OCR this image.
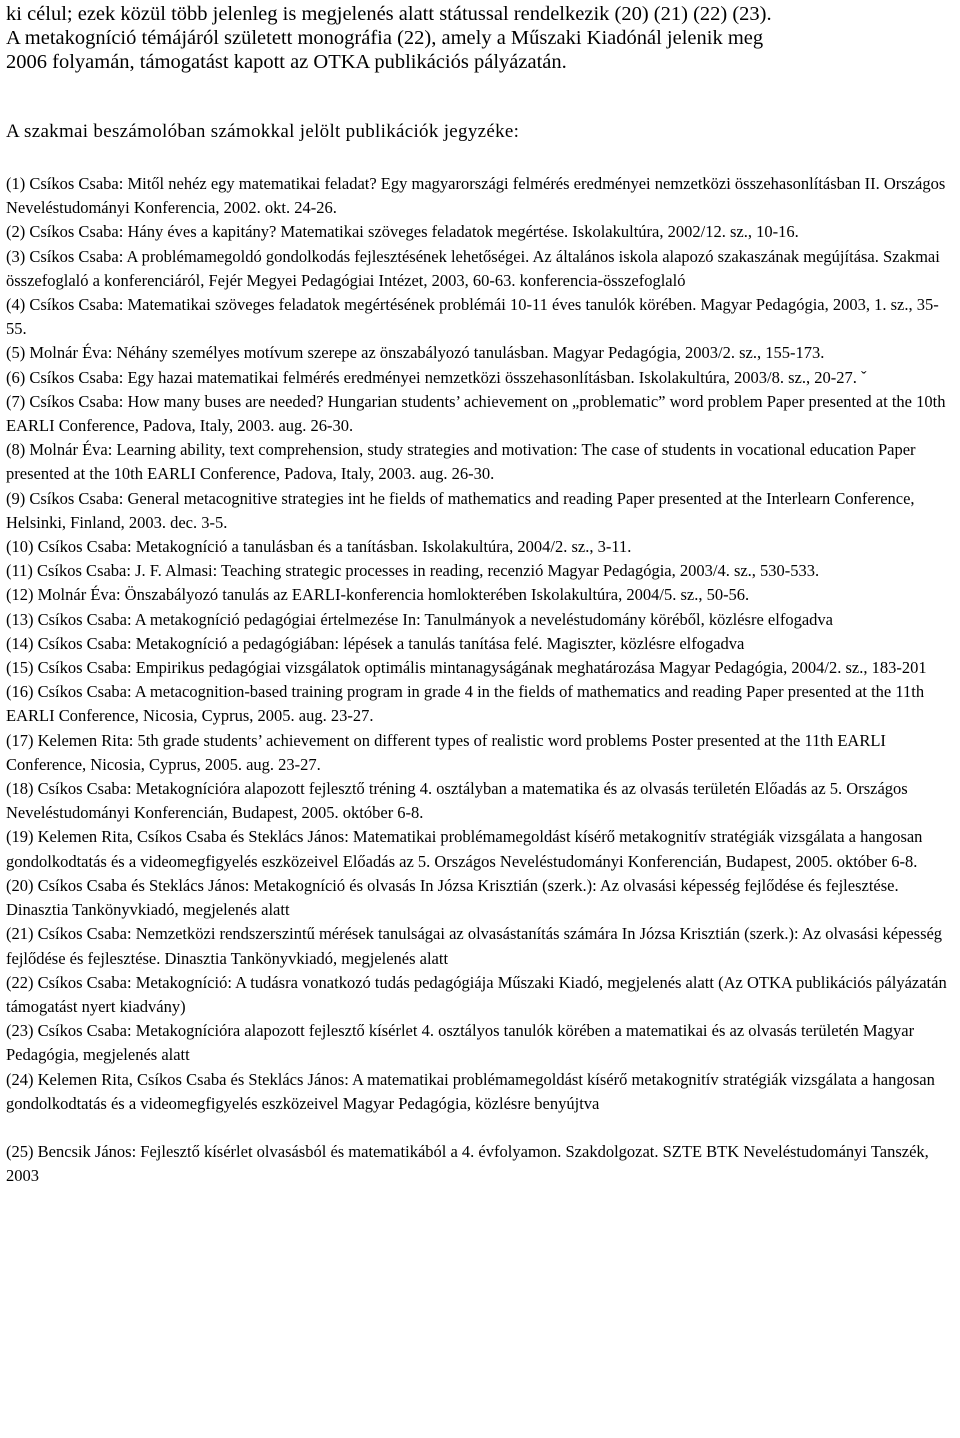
ki célul; ezek közül több jelenleg is megjelenés alatt státussal rendelkezik (20) (21) (22) (23).
A metakogníció témájáról született monográfia (22), amely a Műszaki Kiadónál jelenik meg
2006 folyamán, támogatást kapott az OTKA publikációs pályázatán.

A szakmai beszámolóban számokkal jelölt publikációk jegyzéke:
(1) Csíkos Csaba: Mitől nehéz egy matematikai feladat? Egy magyarországi felmérés eredményei nemzetközi összehasonlításban II. Országos Neveléstudományi Konferencia, 2002. okt. 24-26.
(2) Csíkos Csaba: Hány éves a kapitány? Matematikai szöveges feladatok megértése. Iskolakultúra, 2002/12. sz., 10-16.
(3) Csíkos Csaba: A problémamegoldó gondolkodás fejlesztésének lehetőségei. Az általános iskola alapozó szakaszának megújítása. Szakmai összefoglaló a konferenciáról, Fejér Megyei Pedagógiai Intézet, 2003, 60-63. konferencia-összefoglaló
(4) Csíkos Csaba: Matematikai szöveges feladatok megértésének problémái 10-11 éves tanulók körében. Magyar Pedagógia, 2003, 1. sz., 35-55.
(5) Molnár Éva: Néhány személyes motívum szerepe az önszabályozó tanulásban. Magyar Pedagógia, 2003/2. sz., 155-173.
(6) Csíkos Csaba: Egy hazai matematikai felmérés eredményei nemzetközi összehasonlításban. Iskolakultúra, 2003/8. sz., 20-27. ˇ
(7) Csíkos Csaba: How many buses are needed? Hungarian students’ achievement on „problematic” word problem Paper presented at the 10th EARLI Conference, Padova, Italy, 2003. aug. 26-30.
(8) Molnár Éva: Learning ability, text comprehension, study strategies and motivation: The case of students in vocational education Paper presented at the 10th EARLI Conference, Padova, Italy, 2003. aug. 26-30.
(9) Csíkos Csaba: General metacognitive strategies int he fields of mathematics and reading Paper presented at the Interlearn Conference, Helsinki, Finland, 2003. dec. 3-5.
(10) Csíkos Csaba: Metakogníció a tanulásban és a tanításban. Iskolakultúra, 2004/2. sz., 3-11.
(11) Csíkos Csaba: J. F. Almasi: Teaching strategic processes in reading, recenzió Magyar Pedagógia, 2003/4. sz., 530-533.
(12) Molnár Éva: Önszabályozó tanulás az EARLI-konferencia homlokterében Iskolakultúra, 2004/5. sz., 50-56.
(13) Csíkos Csaba: A metakogníció pedagógiai értelmezése In: Tanulmányok a neveléstudomány köréből, közlésre elfogadva
(14) Csíkos Csaba: Metakogníció a pedagógiában: lépések a tanulás tanítása felé. Magiszter, közlésre elfogadva
(15) Csíkos Csaba: Empirikus pedagógiai vizsgálatok optimális mintanagyságának meghatározása Magyar Pedagógia, 2004/2. sz., 183-201
(16) Csíkos Csaba: A metacognition-based training program in grade 4 in the fields of mathematics and reading Paper presented at the 11th EARLI Conference, Nicosia, Cyprus, 2005. aug. 23-27.
(17) Kelemen Rita: 5th grade students’ achievement on different types of realistic word problems Poster presented at the 11th EARLI Conference, Nicosia, Cyprus, 2005. aug. 23-27.
(18) Csíkos Csaba: Metakognícióra alapozott fejlesztő tréning 4. osztályban a matematika és az olvasás területén Előadás az 5. Országos Neveléstudományi Konferencián, Budapest, 2005. október 6-8.
(19) Kelemen Rita, Csíkos Csaba és Steklács János: Matematikai problémamegoldást kísérő metakognitív stratégiák vizsgálata a hangosan gondolkodtatás és a videomegfigyelés eszközeivel Előadás az 5. Országos Neveléstudományi Konferencián, Budapest, 2005. október 6-8.
(20) Csíkos Csaba és Steklács János: Metakogníció és olvasás In Józsa Krisztián (szerk.): Az olvasási képesség fejlődése és fejlesztése. Dinasztia Tankönyvkiadó, megjelenés alatt
(21) Csíkos Csaba: Nemzetközi rendszerszintű mérések tanulságai az olvasástanítás számára In Józsa Krisztián (szerk.): Az olvasási képesség fejlődése és fejlesztése. Dinasztia Tankönyvkiadó, megjelenés alatt
(22) Csíkos Csaba: Metakogníció: A tudásra vonatkozó tudás pedagógiája Műszaki Kiadó, megjelenés alatt (Az OTKA publikációs pályázatán támogatást nyert kiadvány)
(23) Csíkos Csaba: Metakognícióra alapozott fejlesztő kísérlet 4. osztályos tanulók körében a matematikai és az olvasás területén Magyar Pedagógia, megjelenés alatt
(24) Kelemen Rita, Csíkos Csaba és Steklács János: A matematikai problémamegoldást kísérő metakognitív stratégiák vizsgálata a hangosan gondolkodtatás és a videomegfigyelés eszközeivel Magyar Pedagógia, közlésre benyújtva
(25) Bencsik János: Fejlesztő kísérlet olvasásból és matematikából a 4. évfolyamon. Szakdolgozat. SZTE BTK Neveléstudományi Tanszék, 2003
